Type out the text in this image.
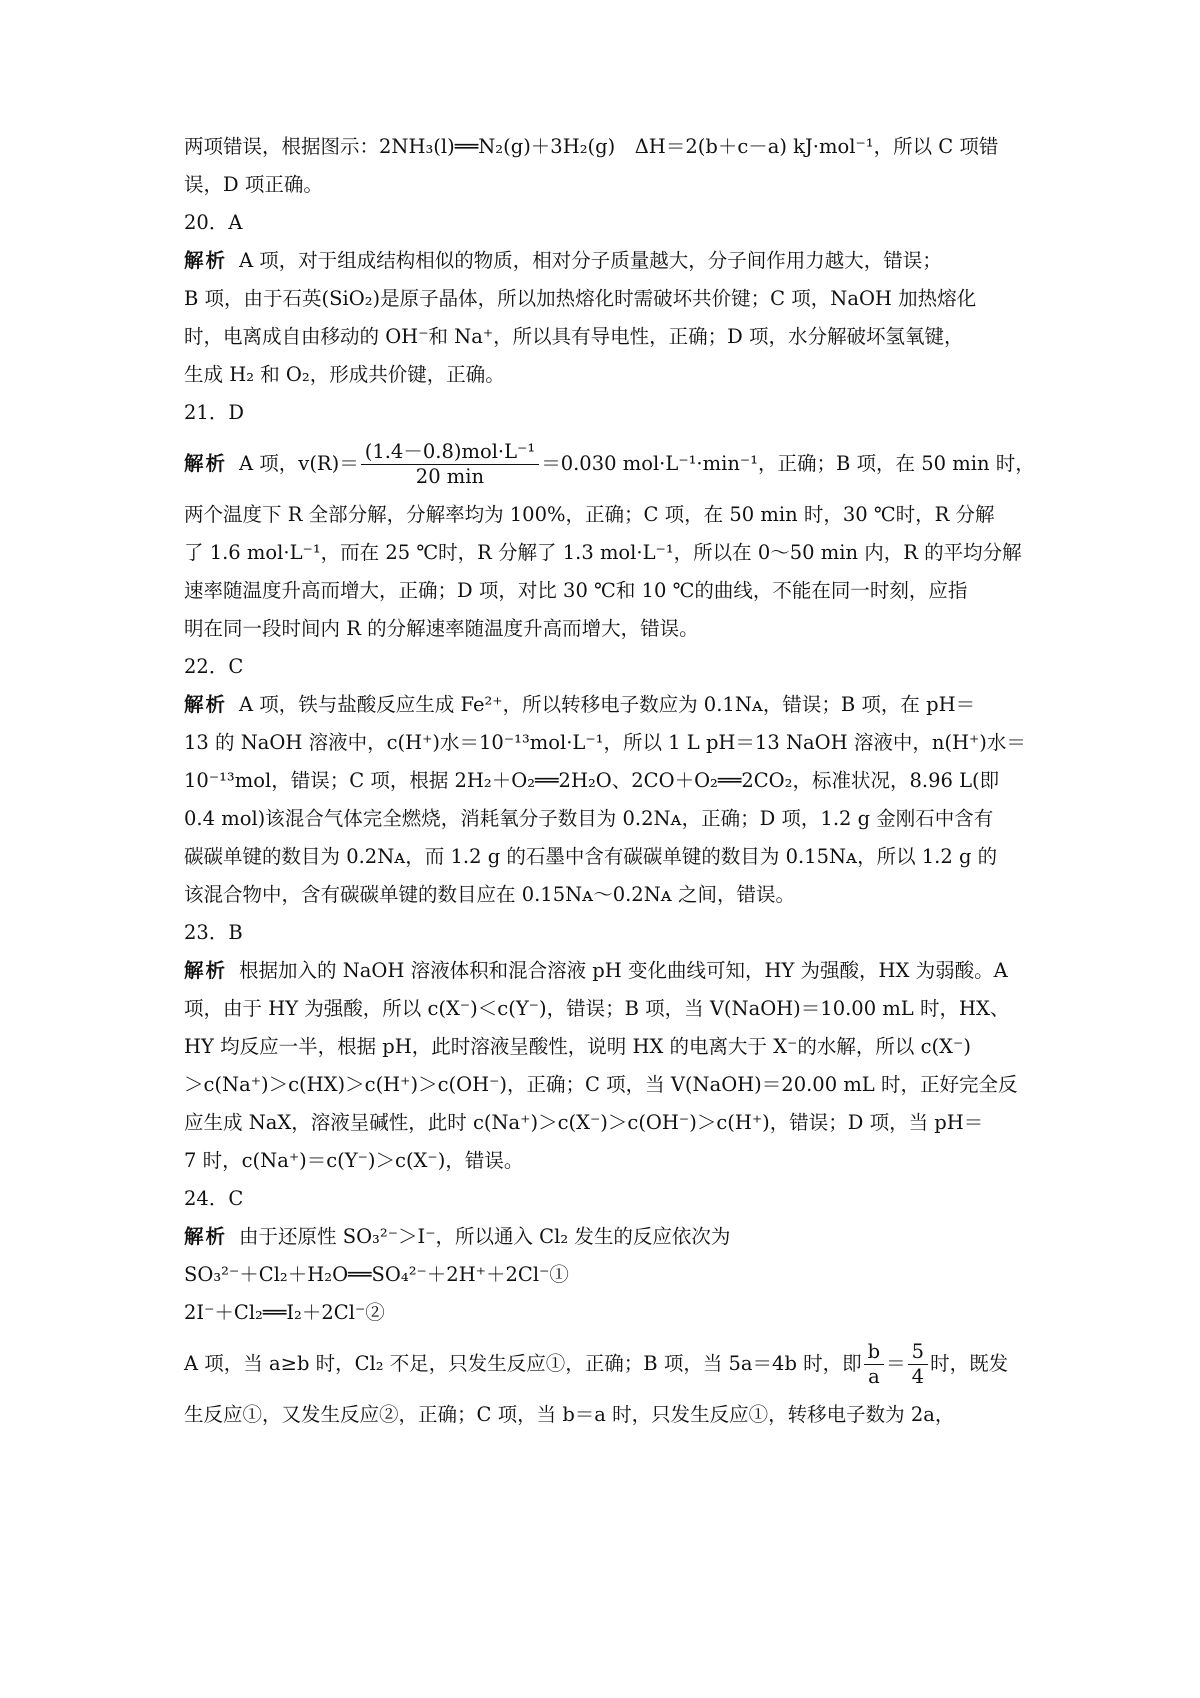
两项错误，根据图示：2NH₃(l)══N₂(g)＋3H₂(g)　ΔH＝2(b＋c－a) kJ·mol⁻¹，所以 C 项错
误，D 项正确。
20．A
解析 A 项，对于组成结构相似的物质，相对分子质量越大，分子间作用力越大，错误；
B 项，由于石英(SiO₂)是原子晶体，所以加热熔化时需破坏共价键；C 项，NaOH 加热熔化
时，电离成自由移动的 OH⁻和 Na⁺，所以具有导电性，正确；D 项，水分解破坏氢氧键，
生成 H₂ 和 O₂，形成共价键，正确。
21．D
解析 A 项，$v(R)= \frac{\text{(1.4－0.8)mol·L⁻¹}}{20 \min} =0.030$ mol·L⁻¹·min⁻¹，正确；B 项，在 50 min 时，
两个温度下 R 全部分解，分解率均为 100%，正确；C 项，在 50 min 时，30 ℃时，R 分解
了 1.6 mol·L⁻¹，而在 25 ℃时，R 分解了 1.3 mol·L⁻¹，所以在 0～50 min 内，R 的平均分解
速率随温度升高而增大，正确；D 项，对比 30 ℃和 10 ℃的曲线，不能在同一时刻，应指
明在同一段时间内 R 的分解速率随温度升高而增大，错误。
22．C
解析 A 项，铁与盐酸反应生成 Fe²⁺，所以转移电子数应为 0.1Nᴀ，错误；B 项，在 pH＝
13 的 NaOH 溶液中，c(H⁺)水＝10⁻¹³mol·L⁻¹，所以 1 L pH＝13 NaOH 溶液中，n(H⁺)水＝
10⁻¹³mol，错误；C 项，根据 2H₂＋O₂══2H₂O、2CO＋O₂══2CO₂，标准状况，8.96 L(即
0.4 mol)该混合气体完全燃烧，消耗氧分子数目为 0.2Nᴀ，正确；D 项，1.2 g 金刚石中含有
碳碳单键的数目为 0.2Nᴀ，而 1.2 g 的石墨中含有碳碳单键的数目为 0.15Nᴀ，所以 1.2 g 的
该混合物中，含有碳碳单键的数目应在 0.15Nᴀ～0.2Nᴀ 之间，错误。
23．B
解析 根据加入的 NaOH 溶液体积和混合溶液 pH 变化曲线可知，HY 为强酸，HX 为弱酸。A
项，由于 HY 为强酸，所以 c(X⁻)＜c(Y⁻)，错误；B 项，当 V(NaOH)＝10.00 mL 时，HX、
HY 均反应一半，根据 pH，此时溶液呈酸性，说明 HX 的电离大于 X⁻的水解，所以 c(X⁻)
＞c(Na⁺)＞c(HX)＞c(H⁺)＞c(OH⁻)，正确；C 项，当 V(NaOH)＝20.00 mL 时，正好完全反
应生成 NaX，溶液呈碱性，此时 c(Na⁺)＞c(X⁻)＞c(OH⁻)＞c(H⁺)，错误；D 项，当 pH＝
7 时，c(Na⁺)＝c(Y⁻)＞c(X⁻)，错误。
24．C
解析 由于还原性 SO₃²⁻＞I⁻，所以通入 Cl₂ 发生的反应依次为
SO₃²⁻＋Cl₂＋H₂O══SO₄²⁻＋2H⁺＋2Cl⁻①
2I⁻＋Cl₂══I₂＋2Cl⁻②
A 项，当 a≥b 时，Cl₂ 不足，只发生反应①，正确；B 项，当 5a＝4b 时，即 $\frac{b}{a} = \frac{5}{4}$ 时，既发
生反应①，又发生反应②，正确；C 项，当 b＝a 时，只发生反应①，转移电子数为 2a，
